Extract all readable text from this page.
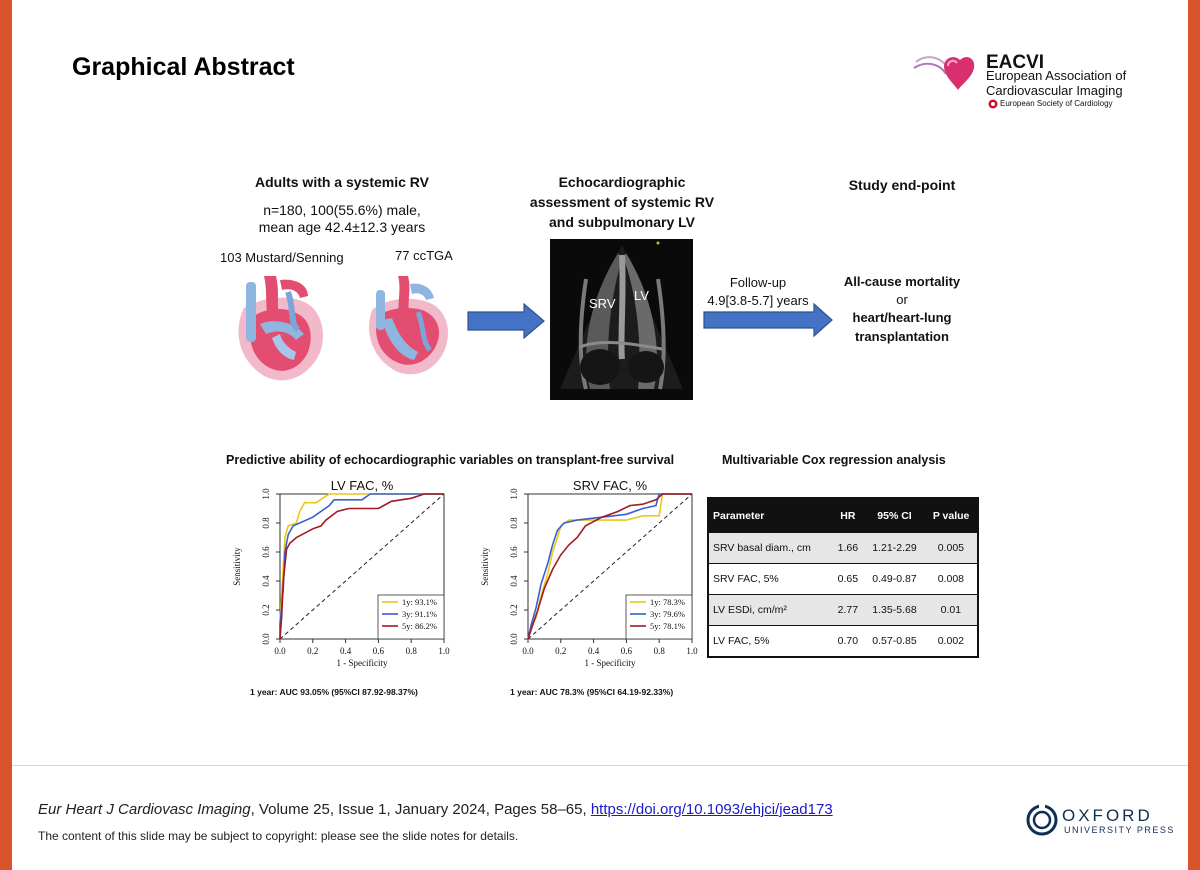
Graphical Abstract	EACVI
European Association of
Cardiovascular Imaging
European Society of Cardiology
Adults with a systemic RV
n=180, 100(55.6%) male,
mean age 42.4±12.3 years
103 Mustard/Senning	77 ccTGA
Echocardiographic
assessment of systemic RV
and subpulmonary LV
SRV
LV
Follow-up
4.9[3.8-5.7] years
Study end-point
All-cause mortality
or
heart/heart-lung
transplantation
Predictive ability of echocardiographic variables on transplant-free survival
LV FAC, %
0.0
0.0
0.2
0.2
0.4
0.4
0.6
0.6
0.8
0.8
1.0
1.0
1 - Specificity
Sensitivity
1y: 93.1%
3y: 91.1%
5y: 86.2%
SRV FAC, %
0.0
0.0
0.2
0.2
0.4
0.4
0.6
0.6
0.8
0.8
1.0
1.0
1 - Specificity
Sensitivity
1y: 78.3%
3y: 79.6%
5y: 78.1%
1 year: AUC 93.05% (95%CI 87.92-98.37%)	1 year: AUC 78.3% (95%CI 64.19-92.33%)
Multivariable Cox regression analysis
Parameter	HR	95% CI	P value
SRV basal diam., cm	1.66	1.21-2.29	0.005
SRV FAC, 5%	0.65	0.49-0.87	0.008
LV ESDi, cm/m²	2.77	1.35-5.68	0.01
LV FAC, 5%	0.70	0.57-0.85	0.002
Eur Heart J Cardiovasc Imaging, Volume 25, Issue 1, January 2024, Pages 58–65, https://doi.org/10.1093/ehjci/jead173
The content of this slide may be subject to copyright: please see the slide notes for details.
OXFORD
UNIVERSITY PRESS
